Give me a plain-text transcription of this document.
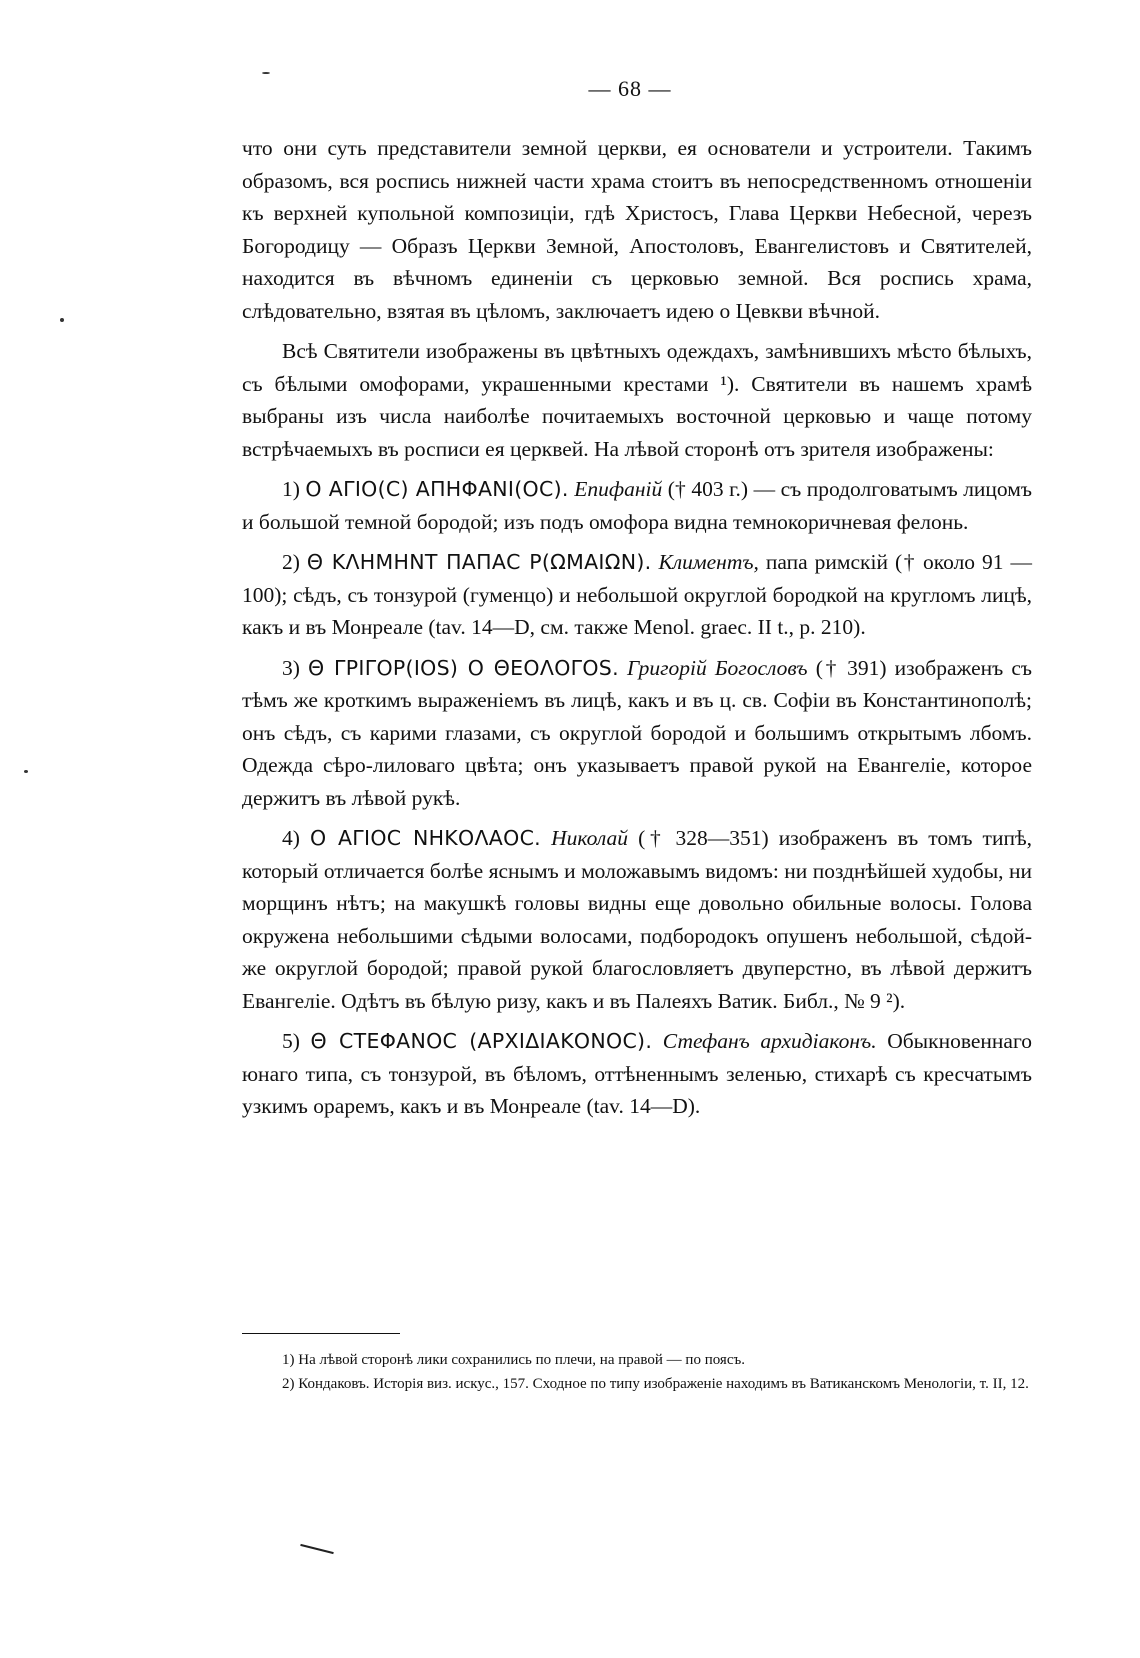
— 68 —

что они суть представители земной церкви, ея основатели и устроители. Такимъ образомъ, вся роспись нижней части храма стоитъ въ непосредственномъ отношеніи къ верхней купольной композиціи, гдѣ Христосъ, Глава Церкви Небесной, черезъ Богородицу — Образъ Церкви Земной, Апостоловъ, Евангелистовъ и Святителей, находится въ вѣчномъ единеніи съ церковью земной. Вся роспись храма, слѣдовательно, взятая въ цѣломъ, заключаетъ идею о Цевкви вѣчной.

Всѣ Святители изображены въ цвѣтныхъ одеждахъ, замѣнившихъ мѣсто бѣлыхъ, съ бѣлыми омофорами, украшенными крестами ¹). Святители въ нашемъ храмѣ выбраны изъ числа наиболѣе почитаемыхъ восточной церковью и чаще потому встрѣчаемыхъ въ росписи ея церквей. На лѣвой сторонѣ отъ зрителя изображены:

1) Ο ΑΓΙΟ(C) ΑΠΗΦΑΝΙ(ΟC). Епифаній († 403 г.) — съ продолговатымъ лицомъ и большой темной бородой; изъ подъ омофора видна темнокоричневая фелонь.

2) Θ ΚΛΗΜΗΝΤ ΠΑΠΑC Ρ(ΩΜΑΙΩΝ). Климентъ, папа римскій († около 91 — 100); сѣдъ, съ тонзурой (гуменцо) и небольшой округлой бородкой на кругломъ лицѣ, какъ и въ Монреале (tav. 14—D, см. также Menol. graec. II t., p. 210).

3) Θ ΓΡΙΓΟΡ(ΙΟS) Ο ΘΕΟΛΟΓΟS. Григорій Богословъ († 391) изображенъ съ тѣмъ же кроткимъ выраженіемъ въ лицѣ, какъ и въ ц. св. Софіи въ Константинополѣ; онъ сѣдъ, съ карими глазами, съ округлой бородой и большимъ открытымъ лбомъ. Одежда сѣро-лиловаго цвѣта; онъ указываетъ правой рукой на Евангеліе, которое держитъ въ лѣвой рукѣ.

4) Ο ΑΓΙΟC ΝΗΚΟΛΑΟC. Николай († 328—351) изображенъ въ томъ типѣ, который отличается болѣе яснымъ и моложавымъ видомъ: ни позднѣйшей худобы, ни морщинъ нѣтъ; на макушкѣ головы видны еще довольно обильные волосы. Голова окружена небольшими сѣдыми волосами, подбородокъ опушенъ небольшой, сѣдой-же округлой бородой; правой рукой благословляетъ двуперстно, въ лѣвой держитъ Евангеліе. Одѣтъ въ бѣлую ризу, какъ и въ Палеяхъ Ватик. Библ., № 9 ²).

5) Θ CΤΕΦΑΝΟC (ΑΡΧΙΔΙΑΚΟΝΟC). Стефанъ архидіаконъ. Обыкновеннаго юнаго типа, съ тонзурой, въ бѣломъ, оттѣненнымъ зеленью, стихарѣ съ кресчатымъ узкимъ ораремъ, какъ и въ Монреале (tav. 14—D).

1) На лѣвой сторонѣ лики сохранились по плечи, на правой — по поясъ.

2) Кондаковъ. Исторія виз. искус., 157. Сходное по типу изображеніе находимъ въ Ватиканскомъ Менологіи, т. II, 12.
